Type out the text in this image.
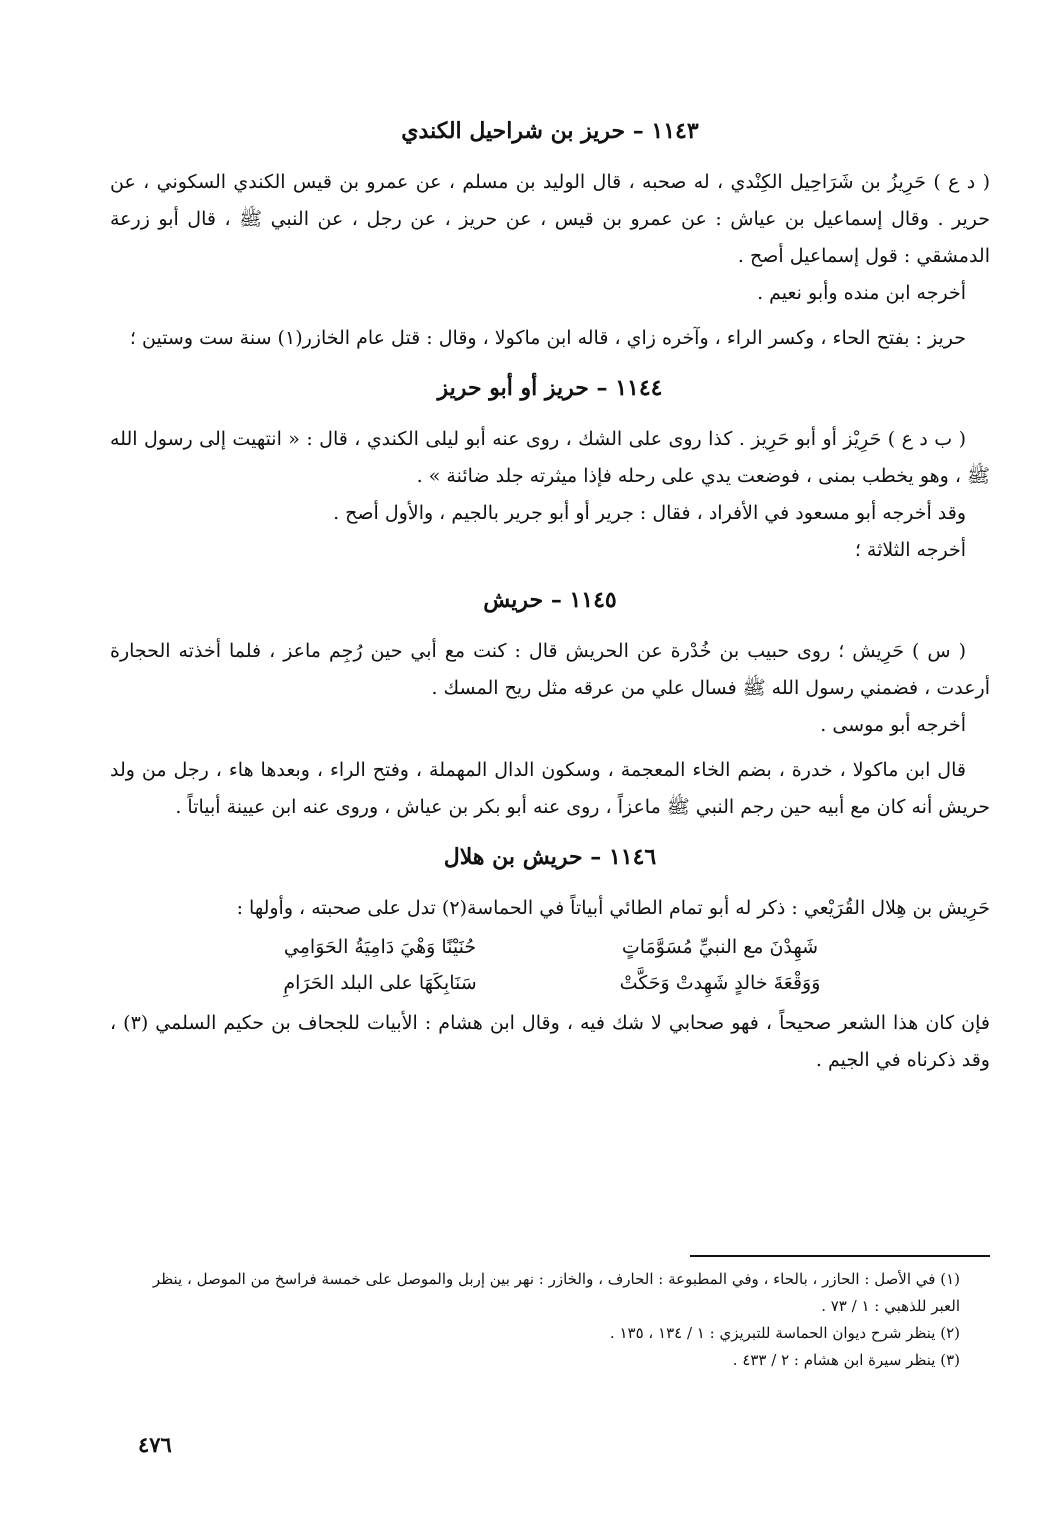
١١٤٣ – حريز بن شراحيل الكندي

( د ع ) حَرِيزُ بن شَرَاحِيل الكِنْدي ، له صحبه ، قال الوليد بن مسلم ، عن عمرو بن قيس الكندي السكوني ، عن حرير . وقال إسماعيل بن عياش : عن عمرو بن قيس ، عن حريز ، عن رجل ، عن النبي ﷺ ، قال أبو زرعة الدمشقي : قول إسماعيل أصح .

أخرجه ابن منده وأبو نعيم .

حريز : بفتح الحاء ، وكسر الراء ، وآخره زاي ، قاله ابن ماكولا ، وقال : قتل عام الخازر(١) سنة ست وستين ؛

١١٤٤ – حريز أو أبو حريز

( ب د ع ) حَرِيْز أو أبو حَرِيز . كذا روى على الشك ، روى عنه أبو ليلى الكندي ، قال : « انتهيت إلى رسول الله ﷺ ، وهو يخطب بمنى ، فوضعت يدي على رحله فإذا ميثرته جلد ضائنة » .

وقد أخرجه أبو مسعود في الأفراد ، فقال : جرير أو أبو جرير بالجيم ، والأول أصح .

أخرجه الثلاثة ؛

١١٤٥ – حريش

( س ) حَرِيش ؛ روى حبيب بن خُدْرة عن الحريش قال : كنت مع أبي حين رُجِم ماعز ، فلما أخذته الحجارة أرعدت ، فضمني رسول الله ﷺ فسال علي من عرقه مثل ريح المسك .

أخرجه أبو موسى .

قال ابن ماكولا ، خدرة ، بضم الخاء المعجمة ، وسكون الدال المهملة ، وفتح الراء ، وبعدها هاء ، رجل من ولد حريش أنه كان مع أبيه حين رجم النبي ﷺ ماعزاً ، روى عنه أبو بكر بن عياش ، وروى عنه ابن عيينة أبياتاً .

١١٤٦ – حريش بن هلال

حَرِيش بن هِلال القُرَيْعي : ذكر له أبو تمام الطائي أبياتاً في الحماسة(٢) تدل على صحبته ، وأولها :

شَهِدْنَ مع النبيِّ مُسَوَّمَاتٍ
حُنَيْنًا وَهْيَ دَامِيَةُ الحَوَامِي
وَوَقْعَةَ خالدٍ شَهِدتْ وَحَكَّتْ
سَنَابِكَهَا على البلد الحَرَامِ

فإن كان هذا الشعر صحيحاً ، فهو صحابي لا شك فيه ، وقال ابن هشام : الأبيات للجحاف بن حكيم السلمي (٣) ، وقد ذكرناه في الجيم .

(١) في الأصل : الحازر ، بالحاء ، وفي المطبوعة : الحارف ، والخازر : نهر بين إربل والموصل على خمسة فراسخ من الموصل ، ينظر العبر للذهبي : ١ / ٧٣ .

(٢) ينظر شرح ديوان الحماسة للتبريزي : ١ / ١٣٤ ، ١٣٥ .

(٣) ينظر سيرة ابن هشام : ٢ / ٤٣٣ .

٤٧٦
